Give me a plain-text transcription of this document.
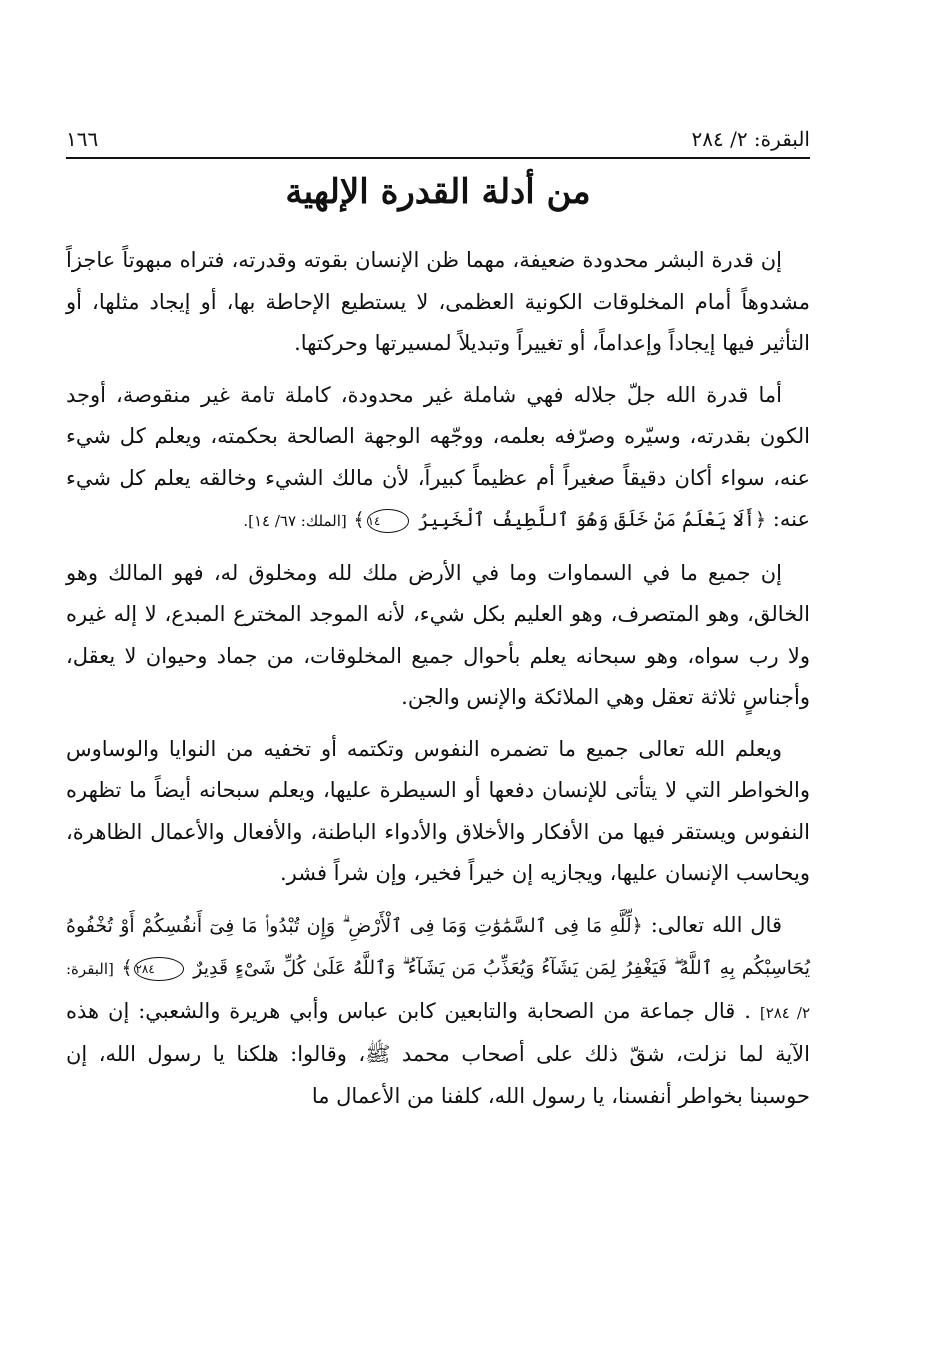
البقرة: ٢/ ٢٨٤
١٦٦
من أدلة القدرة الإلهية

إن قدرة البشر محدودة ضعيفة، مهما ظن الإنسان بقوته وقدرته، فتراه مبهوتاً عاجزاً مشدوهاً أمام المخلوقات الكونية العظمى، لا يستطيع الإحاطة بها، أو إيجاد مثلها، أو التأثير فيها إيجاداً وإعداماً، أو تغييراً وتبديلاً لمسيرتها وحركتها.

أما قدرة الله جلّ جلاله فهي شاملة غير محدودة، كاملة تامة غير منقوصة، أوجد الكون بقدرته، وسيّره وصرّفه بعلمه، ووجّهه الوجهة الصالحة بحكمته، ويعلم كل شيء عنه، سواء أكان دقيقاً صغيراً أم عظيماً كبيراً، لأن مالك الشيء وخالقه يعلم كل شيء عنه: ﴿أَلَا يَعْلَمُ مَنْ خَلَقَ وَهُوَ ٱللَّطِيفُ ٱلْخَبِيرُ ١٤﴾ [الملك: ٦٧/ ١٤].

إن جميع ما في السماوات وما في الأرض ملك لله ومخلوق له، فهو المالك وهو الخالق، وهو المتصرف، وهو العليم بكل شيء، لأنه الموجد المخترع المبدع، لا إله غيره ولا رب سواه، وهو سبحانه يعلم بأحوال جميع المخلوقات، من جماد وحيوان لا يعقل، وأجناسٍ ثلاثة تعقل وهي الملائكة والإنس والجن.

ويعلم الله تعالى جميع ما تضمره النفوس وتكتمه أو تخفيه من النوايا والوساوس والخواطر التي لا يتأتى للإنسان دفعها أو السيطرة عليها، ويعلم سبحانه أيضاً ما تظهره النفوس ويستقر فيها من الأفكار والأخلاق والأدواء الباطنة، والأفعال والأعمال الظاهرة، ويحاسب الإنسان عليها، ويجازيه إن خيراً فخير، وإن شراً فشر.

قال الله تعالى: ﴿لِّلَّهِ مَا فِى ٱلسَّمَٰوَٰتِ وَمَا فِى ٱلْأَرْضِ ۗ وَإِن تُبْدُوا۟ مَا فِىٓ أَنفُسِكُمْ أَوْ تُخْفُوهُ يُحَاسِبْكُم بِهِ ٱللَّهُ ۖ فَيَغْفِرُ لِمَن يَشَآءُ وَيُعَذِّبُ مَن يَشَآءُ ۗ وَٱللَّهُ عَلَىٰ كُلِّ شَىْءٍ قَدِيرٌ ٢٨٤﴾ [البقرة: ٢/ ٢٨٤] . قال جماعة من الصحابة والتابعين كابن عباس وأبي هريرة والشعبي: إن هذه الآية لما نزلت، شقّ ذلك على أصحاب محمد ﷺ، وقالوا: هلكنا يا رسول الله، إن حوسبنا بخواطر أنفسنا، يا رسول الله، كلفنا من الأعمال ما
